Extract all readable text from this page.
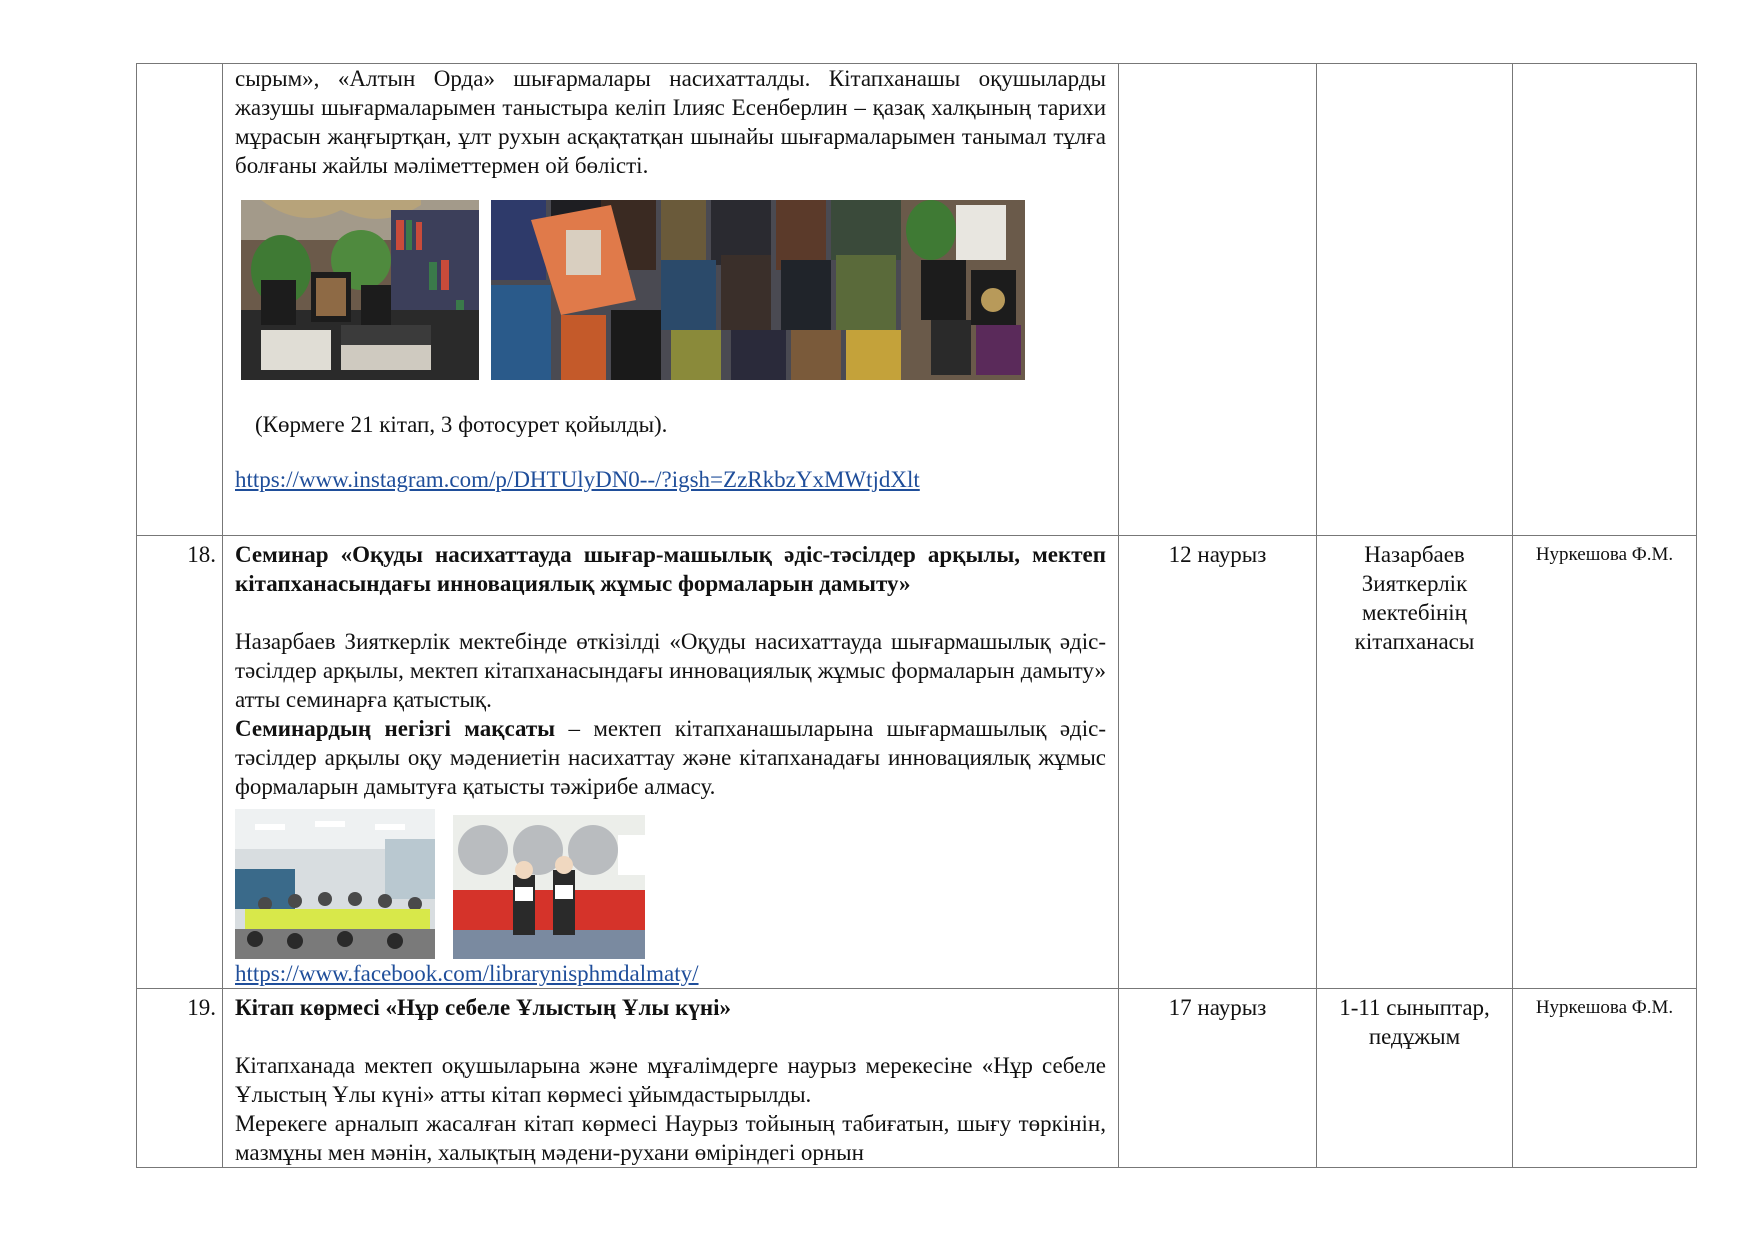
	сырым», «Алтын Орда» шығармалары насихатталды. Кітапханашы оқушыларды жазушы шығармаларымен таныстыра келіп Ілияс Есенберлин – қазақ халқының тарихи мұрасын жаңғыртқан, ұлт рухын асқақтатқан шынайы шығармаларымен танымал тұлға болғаны жайлы мәліметтермен ой бөлісті.

(Көрмеге 21 кітап, 3 фотосурет қойылды).

https://www.instagram.com/p/DHTUlyDN0--/?igsh=ZzRkbzYxMWtjdXlt			
18.	Семинар «Оқуды насихаттауда шығар-машылық әдіс-тәсілдер арқылы, мектеп кітапханасындағы инновациялық жұмыс формаларын дамыту»

Назарбаев Зияткерлік мектебінде өткізілді «Оқуды насихаттауда шығармашылық әдіс-тәсілдер арқылы, мектеп кітапханасындағы инновациялық жұмыс формаларын дамыту» атты семинарға қатыстық.

Семинардың негізгі мақсаты – мектеп кітапханашыларына шығармашылық әдіс-тәсілдер арқылы оқу мәдениетін насихаттау және кітапханадағы инновациялық жұмыс формаларын дамытуға қатысты тәжірибе алмасу.

https://www.facebook.com/librarynisphmdalmaty/	12 наурыз	Назарбаев Зияткерлік мектебінің кітапханасы	Нуркешова Ф.М.
19.	Кітап көрмесі «Нұр себеле Ұлыстың Ұлы күні»

Кітапханада мектеп оқушыларына және мұғалімдерге наурыз мерекесіне «Нұр себеле Ұлыстың Ұлы күні» атты кітап көрмесі ұйымдастырылды.

Мерекеге арналып жасалған кітап көрмесі Наурыз тойының табиғатын, шығу төркінін, мазмұны мен мәнін, халықтың мәдени-рухани өміріндегі орнын	17 наурыз	1-11 сыныптар, педұжым	Нуркешова Ф.М.
